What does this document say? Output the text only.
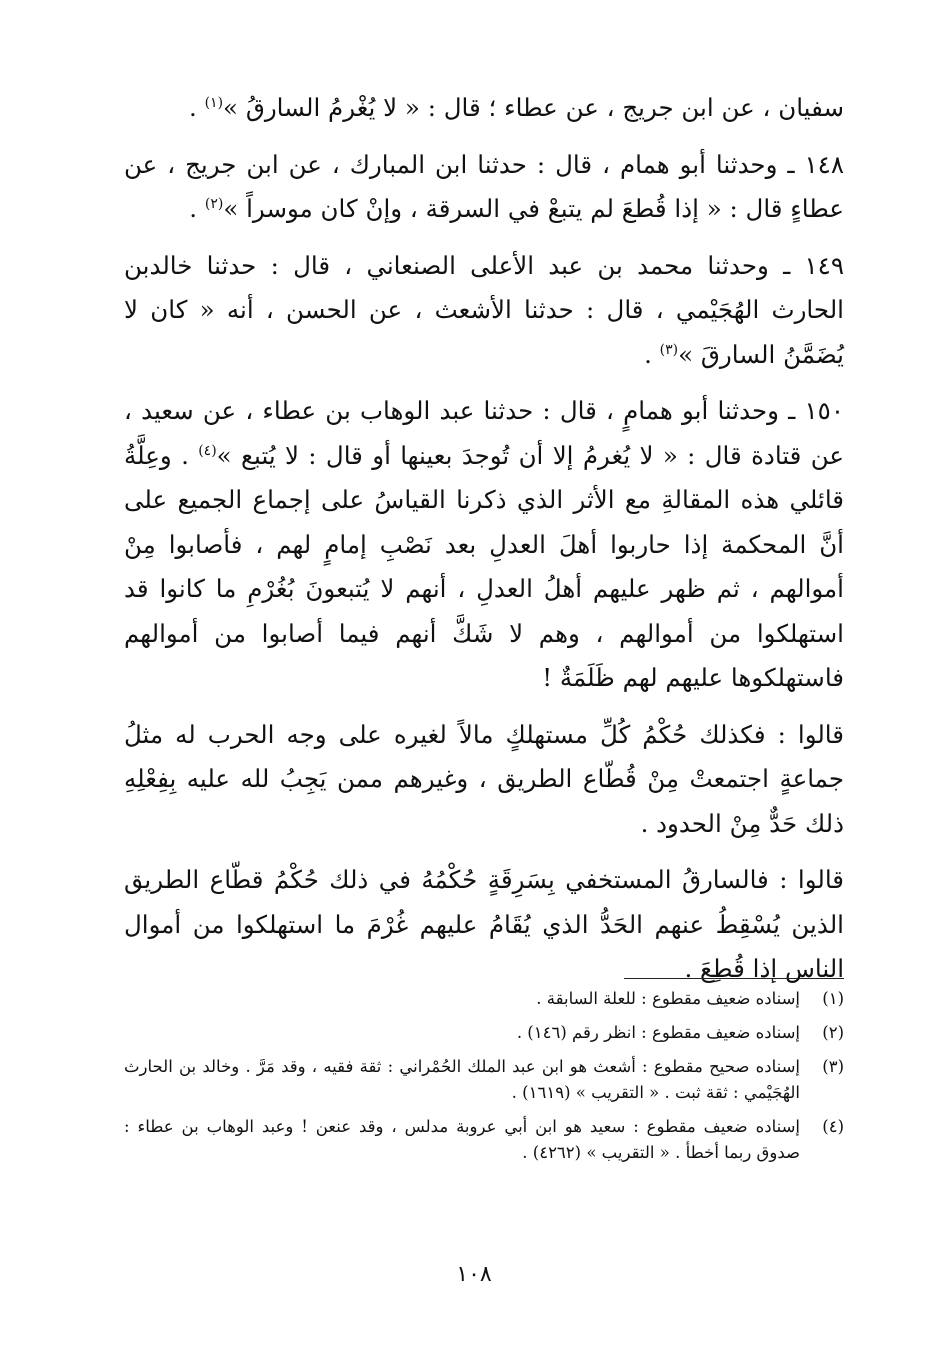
سفيان ، عن ابن جريج ، عن عطاء ؛ قال : « لا يُغْرمُ السارقُ »$^{(١)}$ .

١٤٨ ـ وحدثنا أبو همام ، قال : حدثنا ابن المبارك ، عن ابن جريج ، عن عطاءٍ قال : « إذا قُطعَ لم يتبعْ في السرقة ، وإنْ كان موسراً »$^{(٢)}$ .

١٤٩ ـ وحدثنا محمد بن عبد الأعلى الصنعاني ، قال : حدثنا خالدبن الحارث الهُجَيْمي ، قال : حدثنا الأشعث ، عن الحسن ، أنه « كان لا يُضَمَّنُ السارقَ »$^{(٣)}$ .

١٥٠ ـ وحدثنا أبو همامٍ ، قال : حدثنا عبد الوهاب بن عطاء ، عن سعيد ، عن قتادة قال : « لا يُغرمُ إلا أن تُوجدَ بعينها أو قال : لا يُتبع »$^{(٤)}$ . وعِلَّةُ قائلي هذه المقالةِ مع الأثر الذي ذكرنا القياسُ على إجماع الجميع على أنَّ المحكمة إذا حاربوا أهلَ العدلِ بعد نَصْبِ إمامٍ لهم ، فأصابوا مِنْ أموالهم ، ثم ظهر عليهم أهلُ العدلِ ، أنهم لا يُتبعونَ بُغُرْمِ ما كانوا قد استهلكوا من أموالهم ، وهم لا شَكَّ أنهم فيما أصابوا من أموالهم فاستهلكوها عليهم لهم ظَلَمَةٌ !

قالوا : فكذلك حُكْمُ كُلِّ مستهلكٍ مالاً لغيره على وجه الحرب له مثلُ جماعةٍ اجتمعتْ مِنْ قُطّاع الطريق ، وغيرهم ممن يَجِبُ لله عليه بِفِعْلِهِ ذلك حَدٌّ مِنْ الحدود .

قالوا : فالسارقُ المستخفي بِسَرِقَةٍ حُكْمُهُ في ذلك حُكْمُ قطّاع الطريق الذين يُسْقِطُ عنهم الحَدُّ الذي يُقَامُ عليهم غُرْمَ ما استهلكوا من أموال الناس إذا قُطِعَ .

(١)
إسناده ضعيف مقطوع : للعلة السابقة .
(٢)
إسناده ضعيف مقطوع : انظر رقم (١٤٦) .
(٣)
إسناده صحيح مقطوع : أشعث هو ابن عبد الملك الحُمْراني : ثقة فقيه ، وقد مَرَّ . وخالد بن الحارث الهُجَيْمي : ثقة ثبت . « التقريب » (١٦١٩) .
(٤)
إسناده ضعيف مقطوع : سعيد هو ابن أبي عروبة مدلس ، وقد عنعن ! وعبد الوهاب بن عطاء : صدوق ربما أخطأ . « التقريب » (٤٢٦٢) .
١٠٨
